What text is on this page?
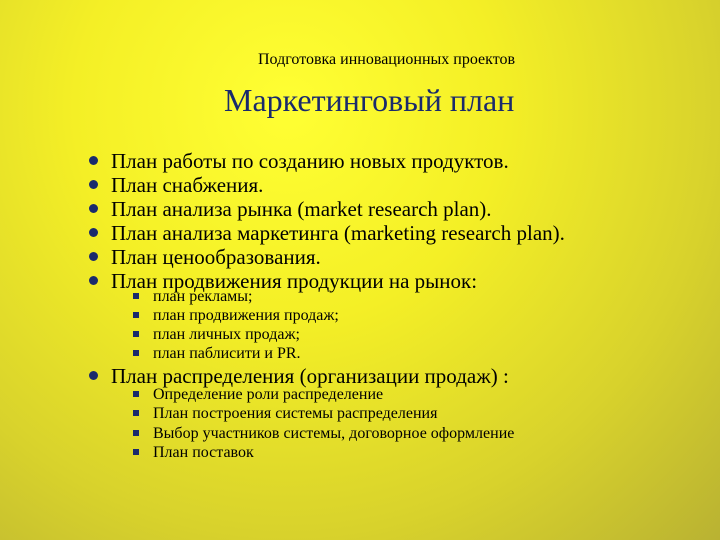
Подготовка инновационных проектов
Маркетинговый план
План работы по созданию новых продуктов.
План снабжения.
План анализа рынка (market research plan).
План анализа маркетинга (marketing research plan).
План ценообразования.
План продвижения продукции на рынок:
план рекламы;
план продвижения продаж;
план личных продаж;
план паблисити и PR.
План распределения (организации продаж) :
Определение роли распределение
План построения системы распределения
Выбор участников системы, договорное оформление
План поставок
